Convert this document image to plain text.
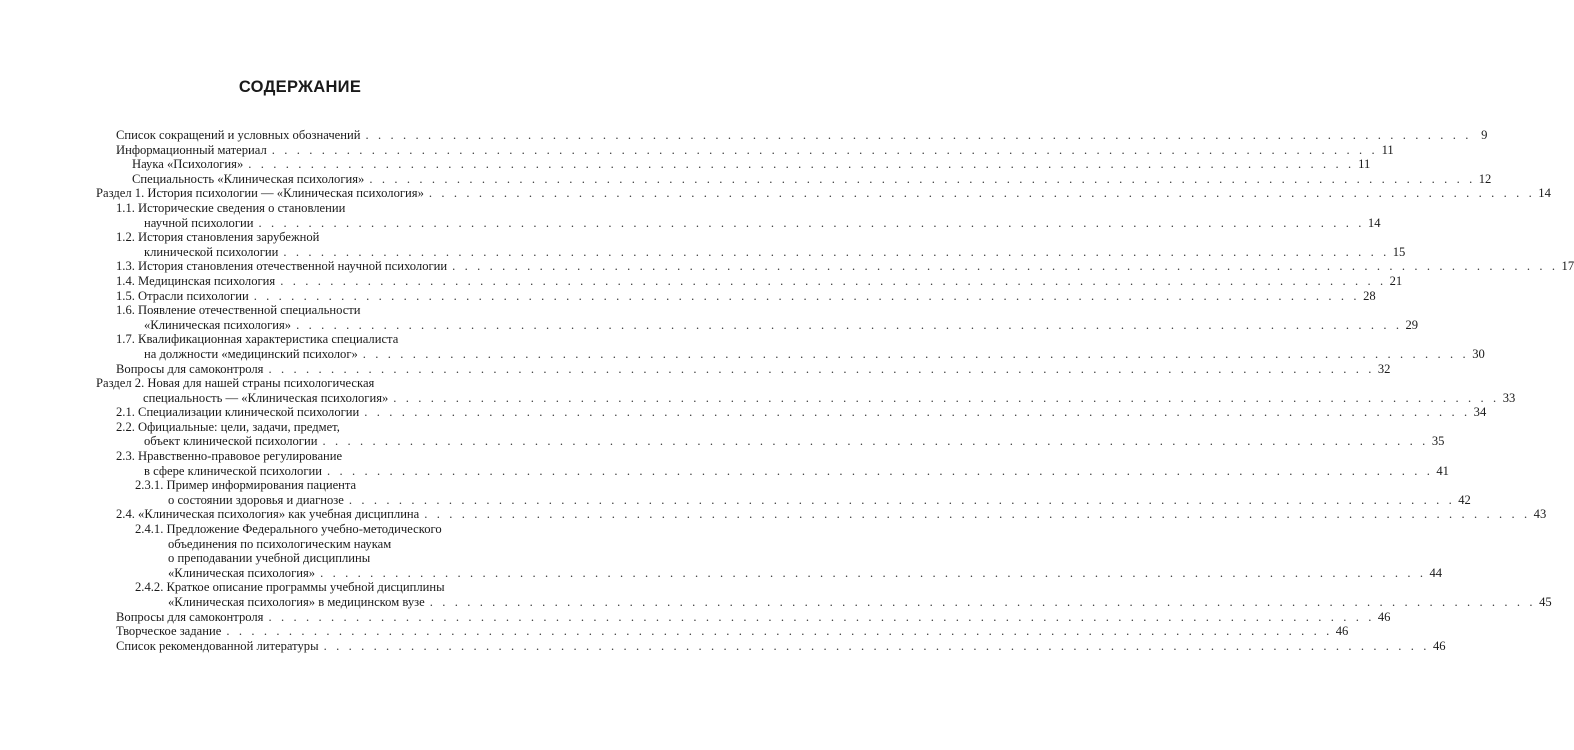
СОДЕРЖАНИЕ
Список сокращений и условных обозначений . . . . . . . . . . . . . . . . . . . . . . . . . . . . . . . . . . . . . . . . . . . . . . . . . . . . . . . . . . . . . . . . . . . . . . . . . . . . . . . . . . . . . . . . . 9
Информационный материал . . . . . . . . . . . . . . . . . . . . . . . . . . . . . . . . . . . . . . . . . . . . . . . . . . . . . . . . . . . . . . . . . . . . . . . . . . . . . . . . . . . . . . . . . 11
Наука «Психология» . . . . . . . . . . . . . . . . . . . . . . . . . . . . . . . . . . . . . . . . . . . . . . . . . . . . . . . . . . . . . . . . . . . . . . . . . . . . . . . . . . . . . . . . . 11
Специальность «Клиническая психология» . . . . . . . . . . . . . . . . . . . . . . . . . . . . . . . . . . . . . . . . . . . . . . . . . . . . . . . . . . . . . . . . . . . . . . . . . . . . . . . . . . . . . . . . . 12
Раздел 1. История психологии — «Клиническая психология» . . . . . . . . . . . . . . . . . . . . . . . . . . . . . . . . . . . . . . . . . . . . . . . . . . . . . . . . . . . . . . . . . . . . . . . . . . . . . . . . . . . . . . . . . 14
1.1. Исторические сведения о становлении
научной психологии . . . . . . . . . . . . . . . . . . . . . . . . . . . . . . . . . . . . . . . . . . . . . . . . . . . . . . . . . . . . . . . . . . . . . . . . . . . . . . . . . . . . . . . . . 14
1.2. История становления зарубежной
клинической психологии . . . . . . . . . . . . . . . . . . . . . . . . . . . . . . . . . . . . . . . . . . . . . . . . . . . . . . . . . . . . . . . . . . . . . . . . . . . . . . . . . . . . . . . . . 15
1.3. История становления отечественной научной психологии . . . . . . . . . . . . . . . . . . . . . . . . . . . . . . . . . . . . . . . . . . . . . . . . . . . . . . . . . . . . . . . . . . . . . . . . . . . . . . . . . . . . . . . . . 17
1.4. Медицинская психология . . . . . . . . . . . . . . . . . . . . . . . . . . . . . . . . . . . . . . . . . . . . . . . . . . . . . . . . . . . . . . . . . . . . . . . . . . . . . . . . . . . . . . . . . 21
1.5. Отрасли психологии . . . . . . . . . . . . . . . . . . . . . . . . . . . . . . . . . . . . . . . . . . . . . . . . . . . . . . . . . . . . . . . . . . . . . . . . . . . . . . . . . . . . . . . . . 28
1.6. Появление отечественной специальности
«Клиническая психология» . . . . . . . . . . . . . . . . . . . . . . . . . . . . . . . . . . . . . . . . . . . . . . . . . . . . . . . . . . . . . . . . . . . . . . . . . . . . . . . . . . . . . . . . . 29
1.7. Квалификационная характеристика специалиста
на должности «медицинский психолог» . . . . . . . . . . . . . . . . . . . . . . . . . . . . . . . . . . . . . . . . . . . . . . . . . . . . . . . . . . . . . . . . . . . . . . . . . . . . . . . . . . . . . . . . . 30
Вопросы для самоконтроля . . . . . . . . . . . . . . . . . . . . . . . . . . . . . . . . . . . . . . . . . . . . . . . . . . . . . . . . . . . . . . . . . . . . . . . . . . . . . . . . . . . . . . . . . 32
Раздел 2. Новая для нашей страны психологическая
специальность — «Клиническая психология» . . . . . . . . . . . . . . . . . . . . . . . . . . . . . . . . . . . . . . . . . . . . . . . . . . . . . . . . . . . . . . . . . . . . . . . . . . . . . . . . . . . . . . . . . 33
2.1. Специализации клинической психологии . . . . . . . . . . . . . . . . . . . . . . . . . . . . . . . . . . . . . . . . . . . . . . . . . . . . . . . . . . . . . . . . . . . . . . . . . . . . . . . . . . . . . . . . . 34
2.2. Официальные: цели, задачи, предмет,
объект клинической психологии . . . . . . . . . . . . . . . . . . . . . . . . . . . . . . . . . . . . . . . . . . . . . . . . . . . . . . . . . . . . . . . . . . . . . . . . . . . . . . . . . . . . . . . . . 35
2.3. Нравственно-правовое регулирование
в сфере клинической психологии . . . . . . . . . . . . . . . . . . . . . . . . . . . . . . . . . . . . . . . . . . . . . . . . . . . . . . . . . . . . . . . . . . . . . . . . . . . . . . . . . . . . . . . . . 41
2.3.1. Пример информирования пациента
о состоянии здоровья и диагнозе . . . . . . . . . . . . . . . . . . . . . . . . . . . . . . . . . . . . . . . . . . . . . . . . . . . . . . . . . . . . . . . . . . . . . . . . . . . . . . . . . . . . . . . . . 42
2.4. «Клиническая психология» как учебная дисциплина . . . . . . . . . . . . . . . . . . . . . . . . . . . . . . . . . . . . . . . . . . . . . . . . . . . . . . . . . . . . . . . . . . . . . . . . . . . . . . . . . . . . . . . . . 43
2.4.1. Предложение Федерального учебно-методического
объединения по психологическим наукам
о преподавании учебной дисциплины
«Клиническая психология» . . . . . . . . . . . . . . . . . . . . . . . . . . . . . . . . . . . . . . . . . . . . . . . . . . . . . . . . . . . . . . . . . . . . . . . . . . . . . . . . . . . . . . . . . 44
2.4.2. Краткое описание программы учебной дисциплины
«Клиническая психология» в медицинском вузе . . . . . . . . . . . . . . . . . . . . . . . . . . . . . . . . . . . . . . . . . . . . . . . . . . . . . . . . . . . . . . . . . . . . . . . . . . . . . . . . . . . . . . . . . 45
Вопросы для самоконтроля . . . . . . . . . . . . . . . . . . . . . . . . . . . . . . . . . . . . . . . . . . . . . . . . . . . . . . . . . . . . . . . . . . . . . . . . . . . . . . . . . . . . . . . . . 46
Творческое задание . . . . . . . . . . . . . . . . . . . . . . . . . . . . . . . . . . . . . . . . . . . . . . . . . . . . . . . . . . . . . . . . . . . . . . . . . . . . . . . . . . . . . . . . . 46
Список рекомендованной литературы . . . . . . . . . . . . . . . . . . . . . . . . . . . . . . . . . . . . . . . . . . . . . . . . . . . . . . . . . . . . . . . . . . . . . . . . . . . . . . . . . . . . . . . . . 46
